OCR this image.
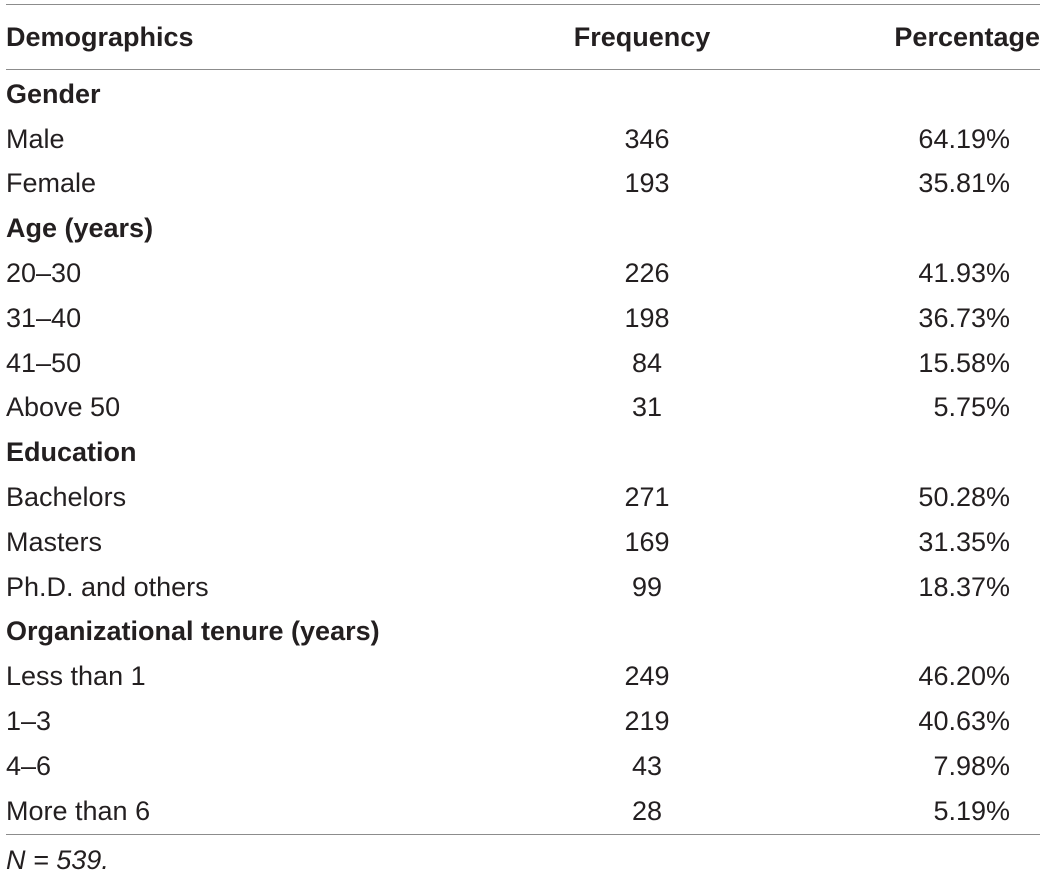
Demographics	Frequency	Percentage
Gender
Male	346	64.19%
Female	193	35.81%
Age (years)
20–30	226	41.93%
31–40	198	36.73%
41–50	84	15.58%
Above 50	31	5.75%
Education
Bachelors	271	50.28%
Masters	169	31.35%
Ph.D. and others	99	18.37%
Organizational tenure (years)
Less than 1	249	46.20%
1–3	219	40.63%
4–6	43	7.98%
More than 6	28	5.19%
N = 539.
